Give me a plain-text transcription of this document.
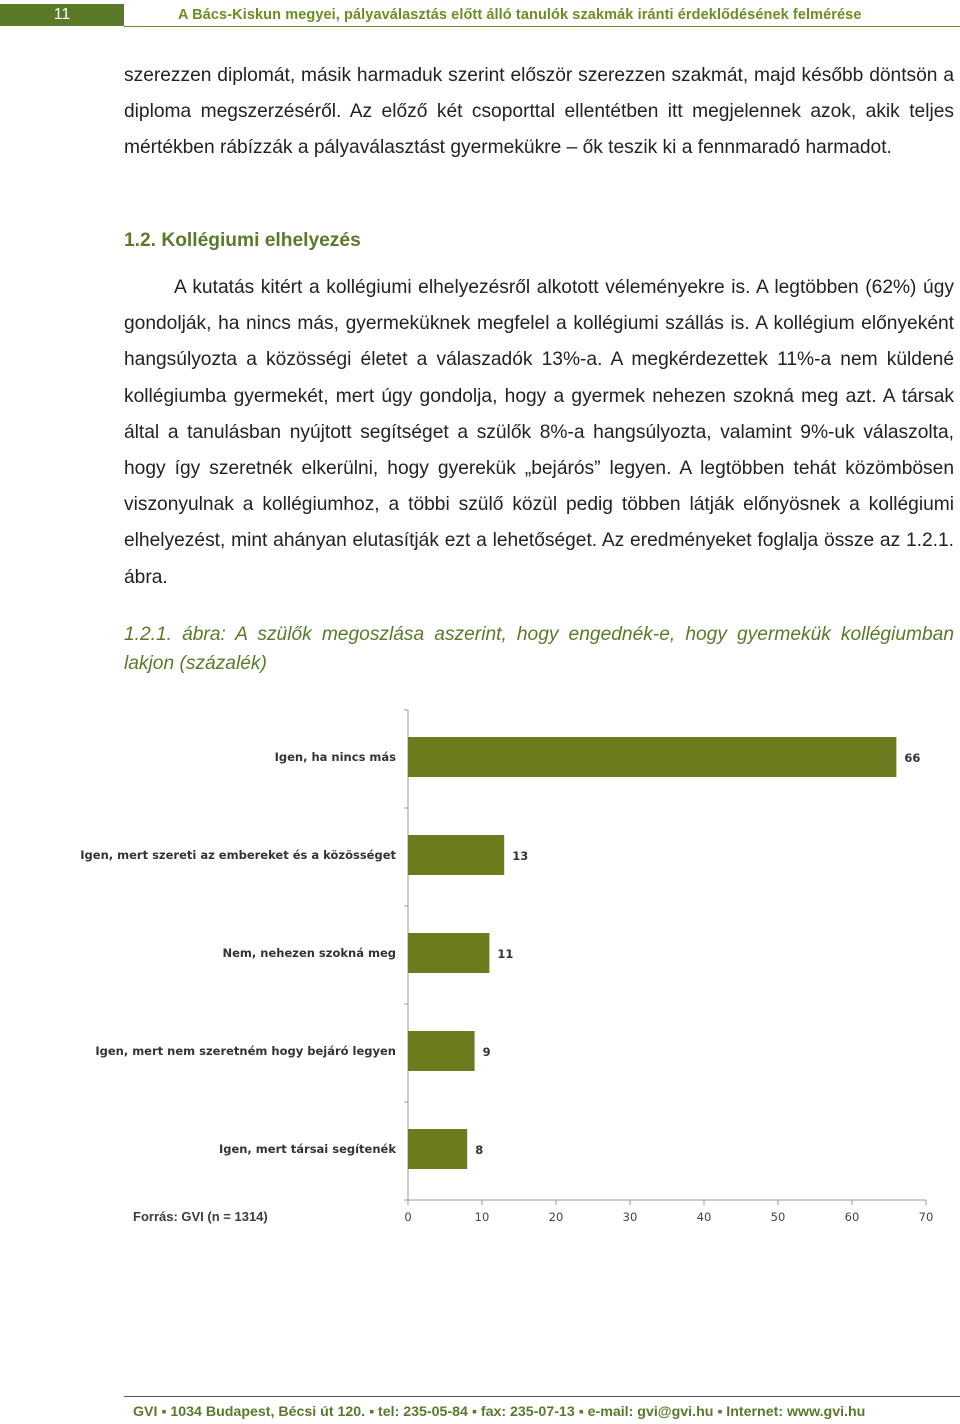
11	A Bács-Kiskun megyei, pályaválasztás előtt álló tanulók szakmák iránti érdeklődésének felmérése

szerezzen diplomát, másik harmaduk szerint először szerezzen szakmát, majd később döntsön a diploma megszerzéséről. Az előző két csoporttal ellentétben itt megjelennek azok, akik teljes mértékben rábízzák a pályaválasztást gyermekükre – ők teszik ki a fennmaradó harmadot.

1.2. Kollégiumi elhelyezés

A kutatás kitért a kollégiumi elhelyezésről alkotott véleményekre is. A legtöbben (62%) úgy gondolják, ha nincs más, gyermeküknek megfelel a kollégiumi szállás is. A kollégium előnyeként hangsúlyozta a közösségi életet a válaszadók 13%-a. A megkérdezettek 11%-a nem küldené kollégiumba gyermekét, mert úgy gondolja, hogy a gyermek nehezen szokná meg azt. A társak által a tanulásban nyújtott segítséget a szülők 8%-a hangsúlyozta, valamint 9%-uk válaszolta, hogy így szeretnék elkerülni, hogy gyerekük „bejárós” legyen. A legtöbben tehát közömbösen viszonyulnak a kollégiumhoz, a többi szülő közül pedig többen látják előnyösnek a kollégiumi elhelyezést, mint ahányan elutasítják ezt a lehetőséget. Az eredményeket foglalja össze az 1.2.1. ábra.

1.2.1. ábra: A szülők megoszlása aszerint, hogy engednék-e, hogy gyermekük kollégiumban lakjon (százalék)

0	10	20	30	40	50	60	70
Igen, ha nincs más	66
Igen, mert szereti az embereket és a közösséget	13
Nem, nehezen szokná meg	11
Igen, mert nem szeretném hogy bejáró legyen	9
Igen, mert társai segítenék	8
Forrás: GVI (n = 1314)
GVI ▪ 1034 Budapest, Bécsi út 120. ▪ tel: 235-05-84 ▪ fax: 235-07-13 ▪ e-mail: gvi@gvi.hu ▪ Internet: www.gvi.hu
